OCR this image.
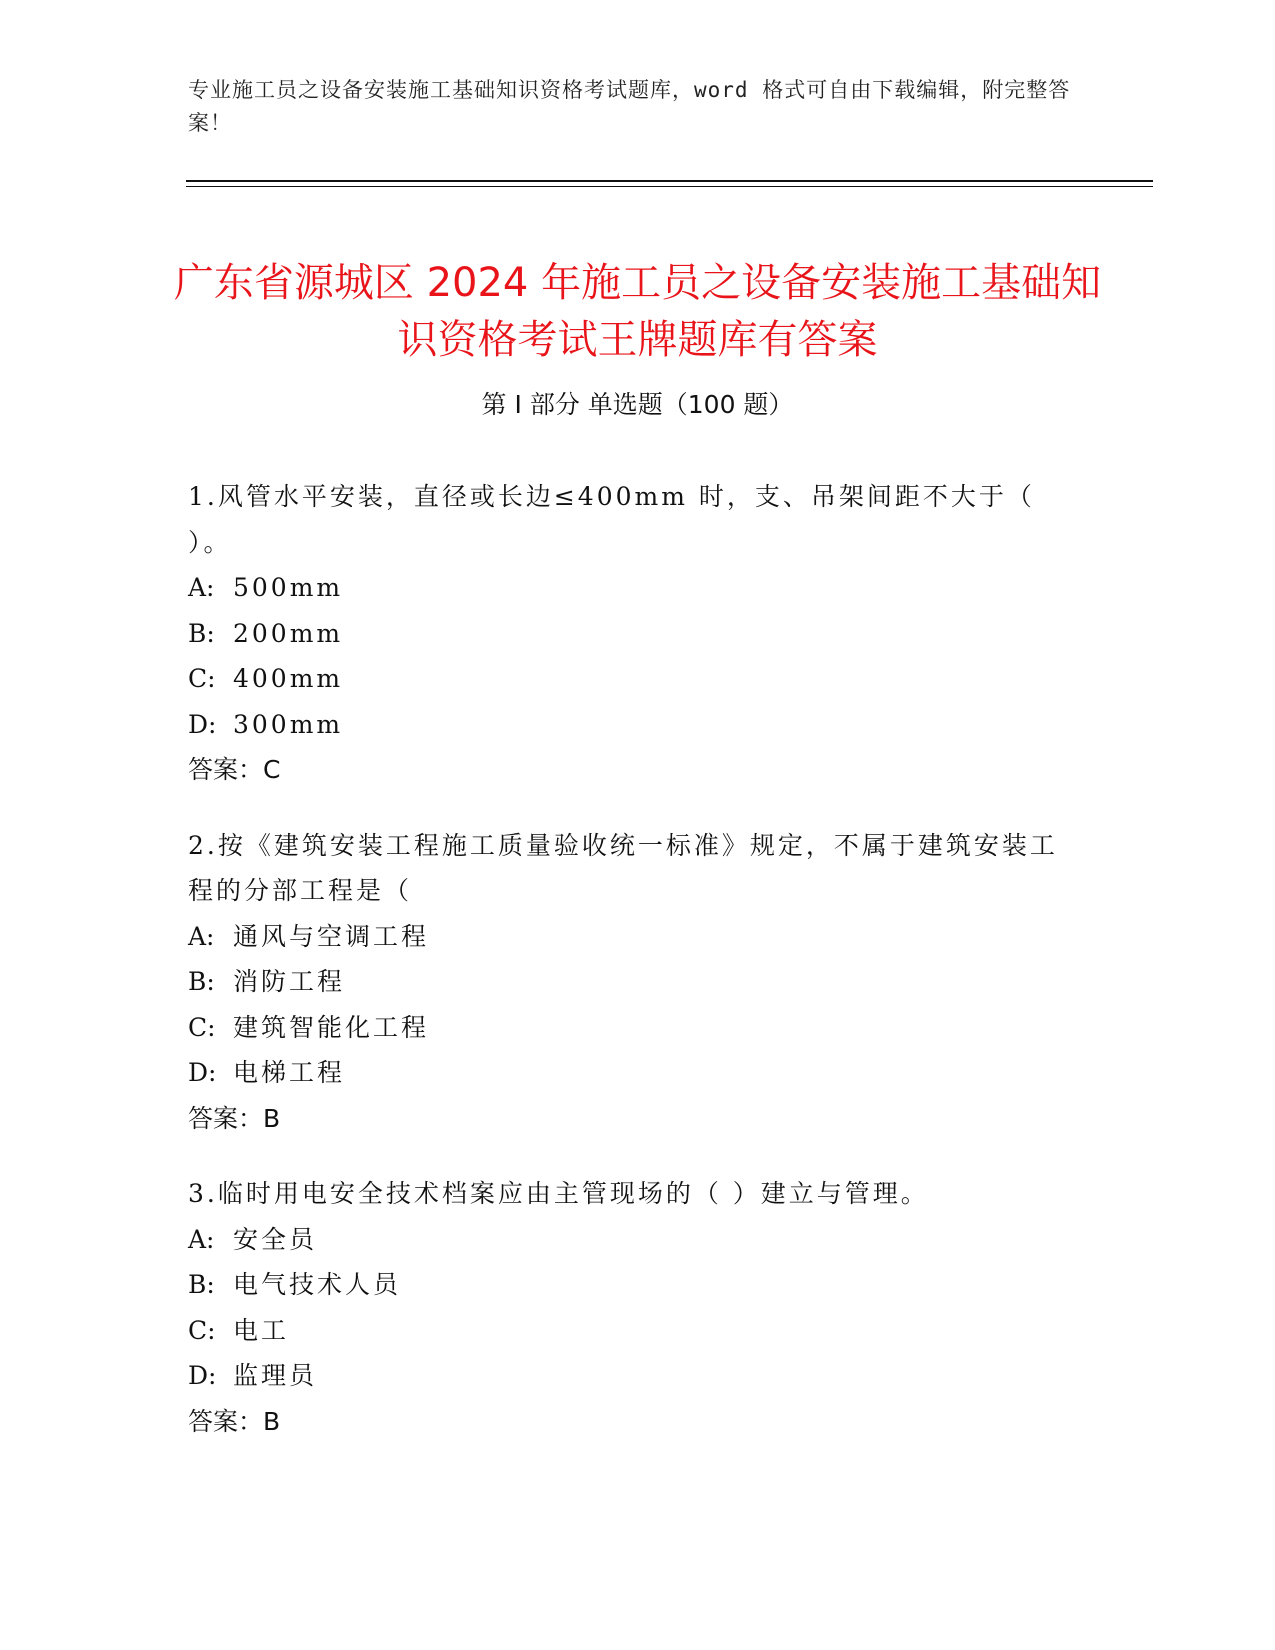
专业施工员之设备安装施工基础知识资格考试题库，word 格式可自由下载编辑，附完整答案！
广东省源城区 2024 年施工员之设备安装施工基础知识资格考试王牌题库有答案
第 I 部分 单选题（100 题）
1.风管水平安装，直径或长边≤400mm 时，支、吊架间距不大于（ ）。
A: 500mm
B: 200mm
C: 400mm
D: 300mm
答案：C
2.按《建筑安装工程施工质量验收统一标准》规定，不属于建筑安装工程的分部工程是（
A: 通风与空调工程
B: 消防工程
C: 建筑智能化工程
D: 电梯工程
答案：B
3.临时用电安全技术档案应由主管现场的（ ）建立与管理。
A: 安全员
B: 电气技术人员
C: 电工
D: 监理员
答案：B
